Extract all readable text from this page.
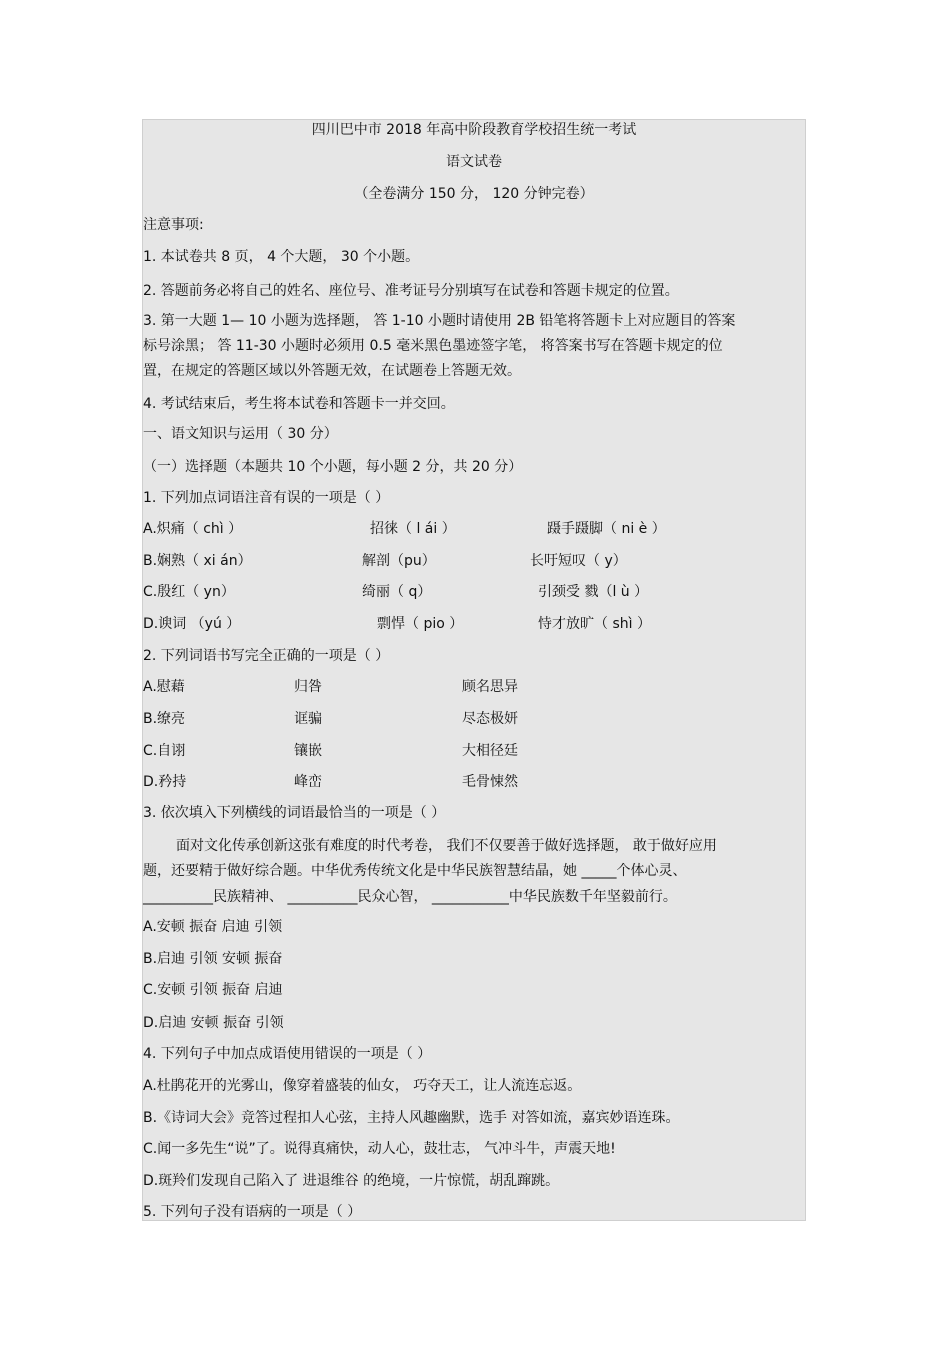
四川巴中市 2018 年高中阶段教育学校招生统一考试
语文试卷
（全卷满分 150 分， 120 分钟完卷）
注意事项:
1. 本试卷共 8 页， 4 个大题， 30 个小题。
2. 答题前务必将自己的姓名、座位号、准考证号分别填写在试卷和答题卡规定的位置。
3. 第一大题 1— 10 小题为选择题， 答 1-10 小题时请使用 2B 铅笔将答题卡上对应题目的答案
标号涂黑； 答 11-30 小题时必须用 0.5 毫米黑色墨迹签字笔， 将答案书写在答题卡规定的位
置，在规定的答题区域以外答题无效，在试题卷上答题无效。
4. 考试结束后，考生将本试卷和答题卡一并交回。
一、语文知识与运用（ 30 分）
（一）选择题（本题共 10 个小题，每小题 2 分，共 20 分）
1. 下列加点词语注音有误的一项是（ ）
A.炽痛（ chì ）	招徕（ l ái ）	蹑手蹑脚（ ni è ）
B.娴熟（ xi án）	解剖（pu）	长吁短叹（ y）
C.殷红（ yn）	绮丽（ q）	引颈受 戮（l ù ）
D.谀词 （yú ）	剽悍（ pio ）	恃才放旷（ shì ）
2. 下列词语书写完全正确的一项是（ ）
A.慰藉	归咎	顾名思异
B.缭亮	诓骗	尽态极妍
C.自诩	镶嵌	大相径廷
D.矜持	峰峦	毛骨悚然
3. 依次填入下列横线的词语最恰当的一项是（ ）
面对文化传承创新这张有难度的时代考卷， 我们不仅要善于做好选择题， 敢于做好应用
题，还要精于做好综合题。中华优秀传统文化是中华民族智慧结晶，她 _____个体心灵、
__________民族精神、 __________民众心智， ___________中华民族数千年坚毅前行。
A.安顿 振奋 启迪 引领
B.启迪 引领 安顿 振奋
C.安顿 引领 振奋 启迪
D.启迪 安顿 振奋 引领
4. 下列句子中加点成语使用错误的一项是（ ）
A.杜鹃花开的光雾山，像穿着盛装的仙女， 巧夺天工，让人流连忘返。
B.《诗词大会》竞答过程扣人心弦，主持人风趣幽默，选手 对答如流，嘉宾妙语连珠。
C.闻一多先生“说”了。说得真痛快，动人心，鼓壮志， 气冲斗牛，声震天地!
D.斑羚们发现自己陷入了 进退维谷 的绝境，一片惊慌，胡乱蹿跳。
5. 下列句子没有语病的一项是（ ）
